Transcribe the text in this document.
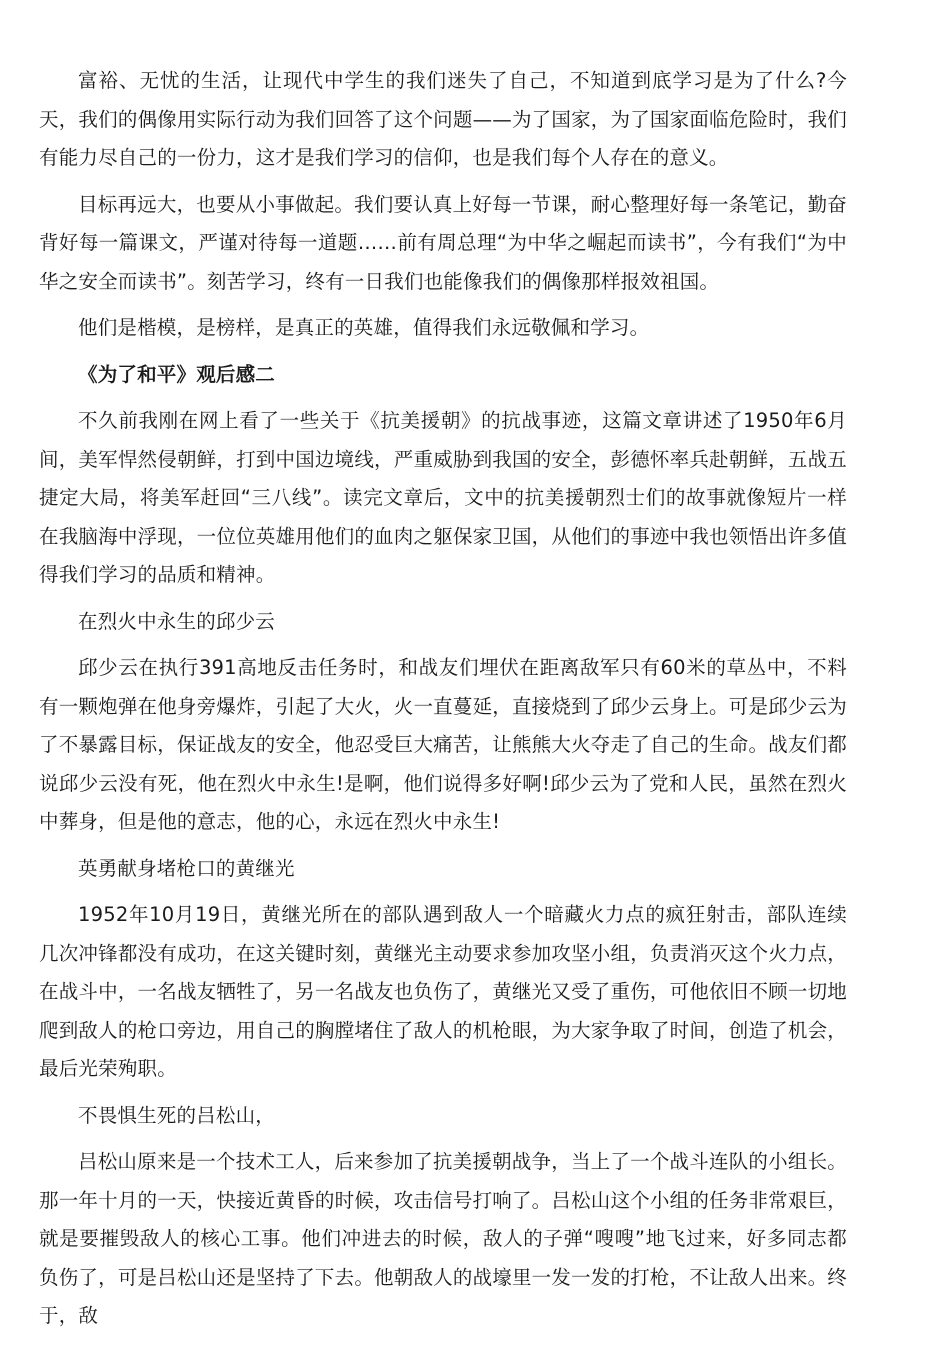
富裕、无忧的生活，让现代中学生的我们迷失了自己，不知道到底学习是为了什么?今天，我们的偶像用实际行动为我们回答了这个问题——为了国家，为了国家面临危险时，我们有能力尽自己的一份力，这才是我们学习的信仰，也是我们每个人存在的意义。

目标再远大，也要从小事做起。我们要认真上好每一节课，耐心整理好每一条笔记，勤奋背好每一篇课文，严谨对待每一道题……前有周总理“为中华之崛起而读书”，今有我们“为中华之安全而读书”。刻苦学习，终有一日我们也能像我们的偶像那样报效祖国。

他们是楷模，是榜样，是真正的英雄，值得我们永远敬佩和学习。

《为了和平》观后感二

不久前我刚在网上看了一些关于《抗美援朝》的抗战事迹，这篇文章讲述了1950年6月间，美军悍然侵朝鲜，打到中国边境线，严重威胁到我国的安全，彭德怀率兵赴朝鲜，五战五捷定大局，将美军赶回“三八线”。读完文章后，文中的抗美援朝烈士们的故事就像短片一样在我脑海中浮现，一位位英雄用他们的血肉之躯保家卫国，从他们的事迹中我也领悟出许多值得我们学习的品质和精神。

在烈火中永生的邱少云

邱少云在执行391高地反击任务时，和战友们埋伏在距离敌军只有60米的草丛中，不料有一颗炮弹在他身旁爆炸，引起了大火，火一直蔓延，直接烧到了邱少云身上。可是邱少云为了不暴露目标，保证战友的安全，他忍受巨大痛苦，让熊熊大火夺走了自己的生命。战友们都说邱少云没有死，他在烈火中永生!是啊，他们说得多好啊!邱少云为了党和人民，虽然在烈火中葬身，但是他的意志，他的心，永远在烈火中永生!

英勇献身堵枪口的黄继光

1952年10月19日，黄继光所在的部队遇到敌人一个暗藏火力点的疯狂射击，部队连续几次冲锋都没有成功，在这关键时刻，黄继光主动要求参加攻坚小组，负责消灭这个火力点，在战斗中，一名战友牺牲了，另一名战友也负伤了，黄继光又受了重伤，可他依旧不顾一切地爬到敌人的枪口旁边，用自己的胸膛堵住了敌人的机枪眼，为大家争取了时间，创造了机会，最后光荣殉职。

不畏惧生死的吕松山，

吕松山原来是一个技术工人，后来参加了抗美援朝战争，当上了一个战斗连队的小组长。那一年十月的一天，快接近黄昏的时候，攻击信号打响了。吕松山这个小组的任务非常艰巨，就是要摧毁敌人的核心工事。他们冲进去的时候，敌人的子弹“嗖嗖”地飞过来，好多同志都负伤了，可是吕松山还是坚持了下去。他朝敌人的战壕里一发一发的打枪，不让敌人出来。终于，敌
